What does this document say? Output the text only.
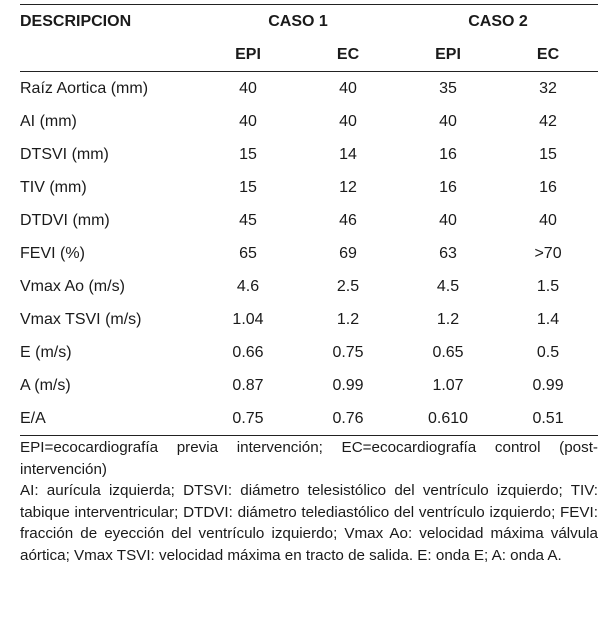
DESCRIPCION	CASO 1		CASO 2	
	EPI	EC	EPI	EC
Raíz Aortica (mm)	40	40	35	32
AI (mm)	40	40	40	42
DTSVI (mm)	15	14	16	15
TIV (mm)	15	12	16	16
DTDVI (mm)	45	46	40	40
FEVI (%)	65	69	63	>70
Vmax Ao (m/s)	4.6	2.5	4.5	1.5
Vmax TSVI (m/s)	1.04	1.2	1.2	1.4
E (m/s)	0.66	0.75	0.65	0.5
A (m/s)	0.87	0.99	1.07	0.99
E/A	0.75	0.76	0.610	0.51

EPI=ecocardiografía previa intervención; EC=ecocardiografía control (post-intervención)

AI: aurícula izquierda; DTSVI: diámetro telesistólico del ventrículo izquierdo; TIV: tabique interventricular; DTDVI: diámetro telediastólico del ventrículo izquierdo; FEVI: fracción de eyección del ventrículo izquierdo; Vmax Ao: velocidad máxima válvula aórtica; Vmax TSVI: velocidad máxima en tracto de salida. E: onda E; A: onda A.
